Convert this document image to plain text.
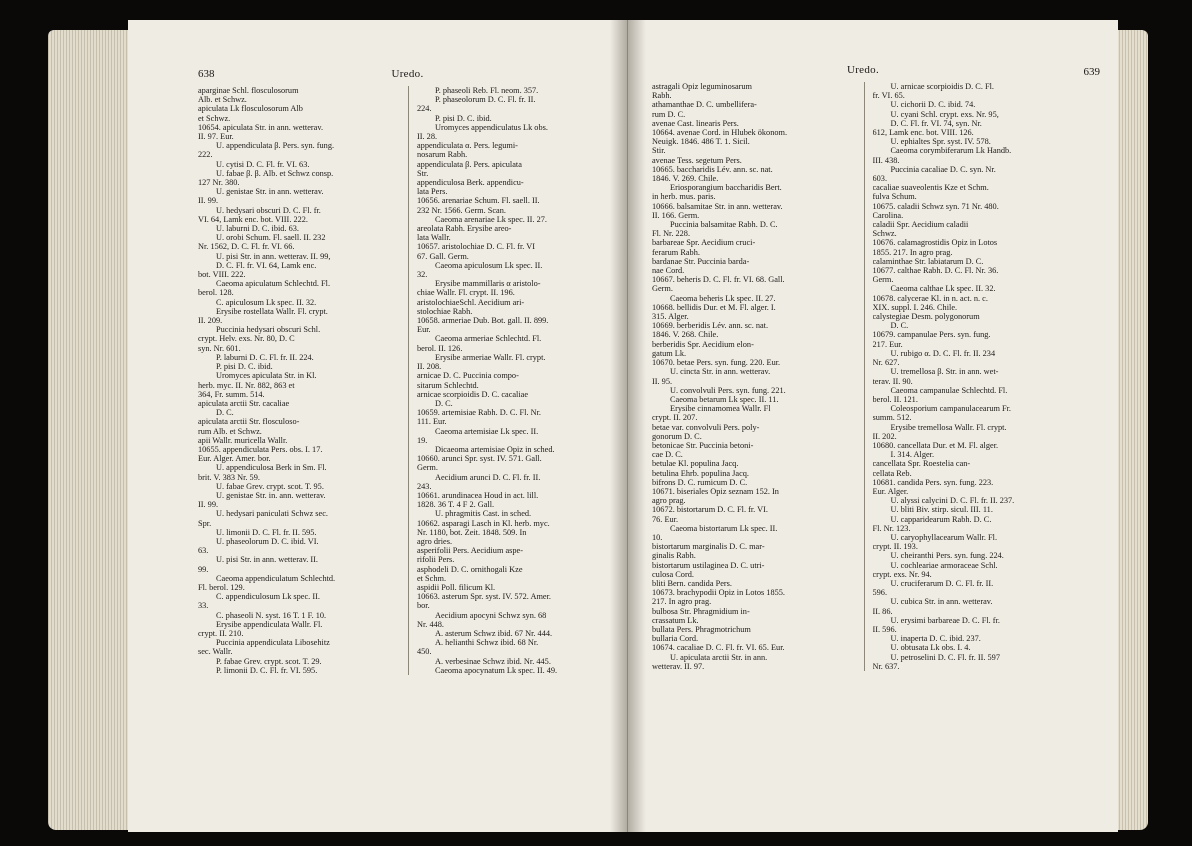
638	Uredo.
aparginae Schl. flosculosorum
Alb. et Schwz.
apiculata Lk flosculosorum Alb
et Schwz.
10654. apiculata Str. in ann. wetterav.
II. 97. Eur.
U. appendiculata β. Pers. syn. fung.
222.
U. cytisi D. C. Fl. fr. VI. 63.
U. fabae β. β. Alb. et Schwz consp.
127 Nr. 380.
U. genistae Str. in ann. wetterav.
II. 99.
U. hedysari obscuri D. C. Fl. fr.
VI. 64, Lamk enc. bot. VIII. 222.
U. laburni D. C. ibid. 63.
U. orobi Schum. Fl. saell. II. 232
Nr. 1562, D. C. Fl. fr. VI. 66.
U. pisi Str. in ann. wetterav. II. 99,
D. C. Fl. fr. VI. 64, Lamk enc.
bot. VIII. 222.
Caeoma apiculatum Schlechtd. Fl.
berol. 128.
C. apiculosum Lk spec. II. 32.
Erysibe rostellata Wallr. Fl. crypt.
II. 209.
Puccinia hedysari obscuri Schl.
crypt. Helv. exs. Nr. 80, D. C
syn. Nr. 601.
P. laburni D. C. Fl. fr. II. 224.
P. pisi D. C. ibid.
Uromyces apiculata Str. in Kl.
herb. myc. II. Nr. 882, 863 et
364, Fr. summ. 514.
apiculata arctii Str. cacaliae
D. C.
apiculata arctii Str. flosculoso-
rum Alb. et Schwz.
apii Wallr. muricella Wallr.
10655. appendiculata Pers. obs. I. 17.
Eur. Alger. Amer. bor.
U. appendiculosa Berk in Sm. Fl.
brit. V. 383 Nr. 59.
U. fabae Grev. crypt. scot. T. 95.
U. genistae Str. in. ann. wetterav.
II. 99.
U. hedysari paniculati Schwz sec.
Spr.
U. limonii D. C. Fl. fr. II. 595.
U. phaseolorum D. C. ibid. VI.
63.
U. pisi Str. in ann. wetterav. II.
99.
Caeoma appendiculatum Schlechtd.
Fl. berol. 129.
C. appendiculosum Lk spec. II.
33.
C. phaseoli N. syst. 16 T. 1 F. 10.
Erysibe appendiculata Wallr. Fl.
crypt. II. 210.
Puccinia appendiculata Libosehitz
sec. Wallr.
P. fabae Grev. crypt. scot. T. 29.
P. limonii D. C. Fl. fr. VI. 595.
P. phaseoli Reb. Fl. neom. 357.
P. phaseolorum D. C. Fl. fr. II.
224.
P. pisi D. C. ibid.
Uromyces appendiculatus Lk obs.
II. 28.
appendiculata α. Pers. legumi-
nosarum Rabh.
appendiculata β. Pers. apiculata
Str.
appendiculosa Berk. appendicu-
lata Pers.
10656. arenariae Schum. Fl. saell. II.
232 Nr. 1566. Germ. Scan.
Caeoma arenariae Lk spec. II. 27.
areolata Rabh. Erysibe areo-
lata Wallr.
10657. aristolochiae D. C. Fl. fr. VI
67. Gall. Germ.
Caeoma apiculosum Lk spec. II.
32.
Erysibe mammillaris α aristolo-
chiae Wallr. Fl. crypt. II. 196.
aristolochiaeSchl. Aecidium ari-
stolochiae Rabh.
10658. armeriae Dub. Bot. gall. II. 899.
Eur.
Caeoma armeriae Schlechtd. Fl.
berol. II. 126.
Erysibe armeriae Wallr. Fl. crypt.
II. 208.
arnicae D. C. Puccinia compo-
sitarum Schlechtd.
arnicae scorpioidis D. C. cacaliae
D. C.
10659. artemisiae Rabh. D. C. Fl. Nr.
111. Eur.
Caeoma artemisiae Lk spec. II.
19.
Dicaeoma artemisiae Opiz in sched.
10660. arunci Spr. syst. IV. 571. Gall.
Germ.
Aecidium arunci D. C. Fl. fr. II.
243.
10661. arundinacea Houd in act. lill.
1828. 36 T. 4 F 2. Gall.
U. phragmitis Cast. in sched.
10662. asparagi Lasch in Kl. herb. myc.
Nr. 1180, bot. Zeit. 1848. 509. In
agro dries.
asperifolii Pers. Aecidium aspe-
rifolii Pers.
asphodeli D. C. ornithogali Kze
et Schm.
aspidii Poll. filicum Kl.
10663. asterum Spr. syst. IV. 572. Amer.
bor.
Aecidium apocyni Schwz syn. 68
Nr. 448.
A. asterum Schwz ibid. 67 Nr. 444.
A. helianthi Schwz ibid. 68 Nr.
450.
A. verbesinae Schwz ibid. Nr. 445.
Caeoma apocynatum Lk spec. II. 49.
Uredo.	639
astragali Opiz leguminosarum
Rabh.
athamanthae D. C. umbellifera-
rum D. C.
avenae Cast. linearis Pers.
10664. avenae Cord. in Hlubek ökonom.
Neuigk. 1846. 486 T. 1. Sicil.
Stir.
avenae Tess. segetum Pers.
10665. baccharidis Lév. ann. sc. nat.
1846. V. 269. Chile.
Eriosporangium baccharidis Bert.
in herb. mus. paris.
10666. balsamitae Str. in ann. wetterav.
II. 166. Germ.
Puccinia balsamitae Rabh. D. C.
Fl. Nr. 228.
barbareae Spr. Aecidium cruci-
ferarum Rabh.
bardanae Str. Puccinia barda-
nae Cord.
10667. beheris D. C. Fl. fr. VI. 68. Gall.
Germ.
Caeoma beheris Lk spec. II. 27.
10668. bellidis Dur. et M. Fl. alger. I.
315. Alger.
10669. berberidis Lév. ann. sc. nat.
1846. V. 268. Chile.
berberidis Spr. Aecidium elon-
gatum Lk.
10670. betae Pers. syn. fung. 220. Eur.
U. cincta Str. in ann. wetterav.
II. 95.
U. convolvuli Pers. syn. fung. 221.
Caeoma betarum Lk spec. II. 11.
Erysibe cinnamomea Wallr. Fl
crypt. II. 207.
betae var. convolvuli Pers. poly-
gonorum D. C.
betonicae Str. Puccinia betoni-
cae D. C.
betulae Kl. populina Jacq.
betulina Ehrb. populina Jacq.
bifrons D. C. rumicum D. C.
10671. biseriales Opiz seznam 152. In
agro prag.
10672. bistortarum D. C. Fl. fr. VI.
76. Eur.
Caeoma bistortarum Lk spec. II.
10.
bistortarum marginalis D. C. mar-
ginalis Rabh.
bistortarum ustilaginea D. C. utri-
culosa Cord.
bliti Bern. candida Pers.
10673. brachypodii Opiz in Lotos 1855.
217. In agro prag.
bulbosa Str. Phragmidium in-
crassatum Lk.
bullata Pers. Phragmotrichum
bullaria Cord.
10674. cacaliae D. C. Fl. fr. VI. 65. Eur.
U. apiculata arctii Str. in ann.
wetterav. II. 97.
U. arnicae scorpioidis D. C. Fl.
fr. VI. 65.
U. cichorii D. C. ibid. 74.
U. cyani Schl. crypt. exs. Nr. 95,
D. C. Fl. fr. VI. 74, syn. Nr.
612, Lamk enc. bot. VIII. 126.
U. ephialtes Spr. syst. IV. 578.
Caeoma corymbiferarum Lk Handb.
III. 438.
Puccinia cacaliae D. C. syn. Nr.
603.
cacaliae suaveolentis Kze et Schm.
fulva Schum.
10675. caladii Schwz syn. 71 Nr. 480.
Carolina.
caladii Spr. Aecidium caladii
Schwz.
10676. calamagrostidis Opiz in Lotos
1855. 217. In agro prag.
calaminthae Str. labiatarum D. C.
10677. calthae Rabh. D. C. Fl. Nr. 36.
Germ.
Caeoma calthae Lk spec. II. 32.
10678. calyceraе Kl. in n. act. n. c.
XIX. suppl. I. 246. Chile.
calystegiae Desm. polygonorum
D. C.
10679. campanulae Pers. syn. fung.
217. Eur.
U. rubigo α. D. C. Fl. fr. II. 234
Nr. 627.
U. tremellosa β. Str. in ann. wet-
terav. II. 90.
Caeoma campanulae Schlechtd. Fl.
berol. II. 121.
Coleosporium campanulacearum Fr.
summ. 512.
Erysibe tremellosa Wallr. Fl. crypt.
II. 202.
10680. cancellata Dur. et M. Fl. alger.
I. 314. Alger.
cancellata Spr. Roestelia can-
cellata Reb.
10681. candida Pers. syn. fung. 223.
Eur. Alger.
U. alyssi calycini D. C. Fl. fr. II. 237.
U. bliti Biv. stirp. sicul. III. 11.
U. capparidearum Rabh. D. C.
Fl. Nr. 123.
U. caryophyllacearum Wallr. Fl.
crypt. II. 193.
U. cheiranthi Pers. syn. fung. 224.
U. cochleariae armoraceae Schl.
crypt. exs. Nr. 94.
U. cruciferarum D. C. Fl. fr. II.
596.
U. cubica Str. in ann. wetterav.
II. 86.
U. erysimi barbareae D. C. Fl. fr.
II. 596.
U. inaperta D. C. ibid. 237.
U. obtusata Lk obs. I. 4.
U. petroselini D. C. Fl. fr. II. 597
Nr. 637.
